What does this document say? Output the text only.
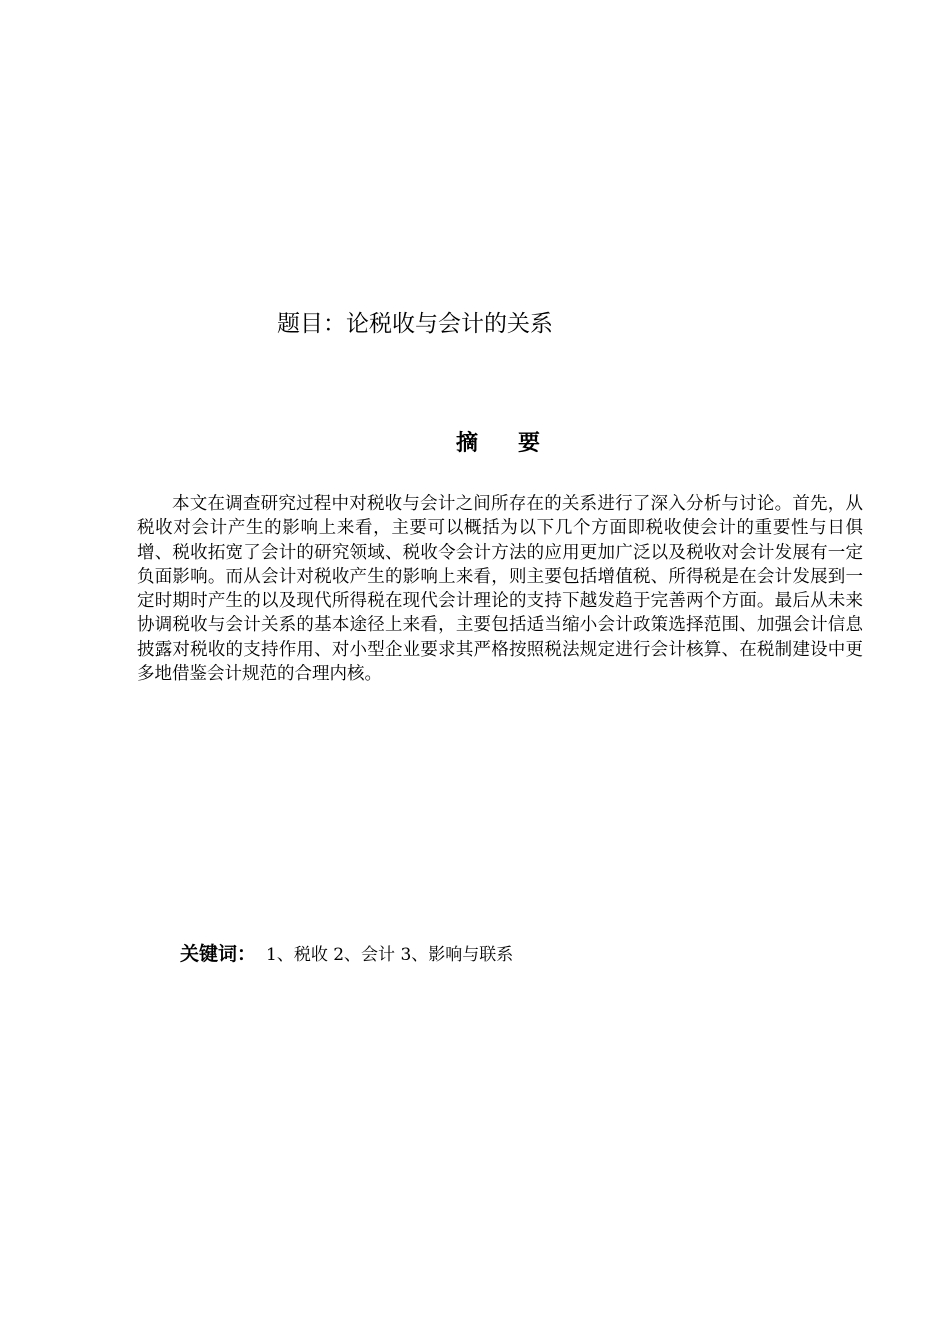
题目：论税收与会计的关系
摘 要

本文在调查研究过程中对税收与会计之间所存在的关系进行了深入分析与讨论。首先，从税收对会计产生的影响上来看，主要可以概括为以下几个方面即税收使会计的重要性与日俱增、税收拓宽了会计的研究领域、税收令会计方法的应用更加广泛以及税收对会计发展有一定负面影响。而从会计对税收产生的影响上来看，则主要包括增值税、所得税是在会计发展到一定时期时产生的以及现代所得税在现代会计理论的支持下越发趋于完善两个方面。最后从未来协调税收与会计关系的基本途径上来看，主要包括适当缩小会计政策选择范围、加强会计信息披露对税收的支持作用、对小型企业要求其严格按照税法规定进行会计核算、在税制建设中更多地借鉴会计规范的合理内核。

关键词： 1、税收 2、会计 3、影响与联系
